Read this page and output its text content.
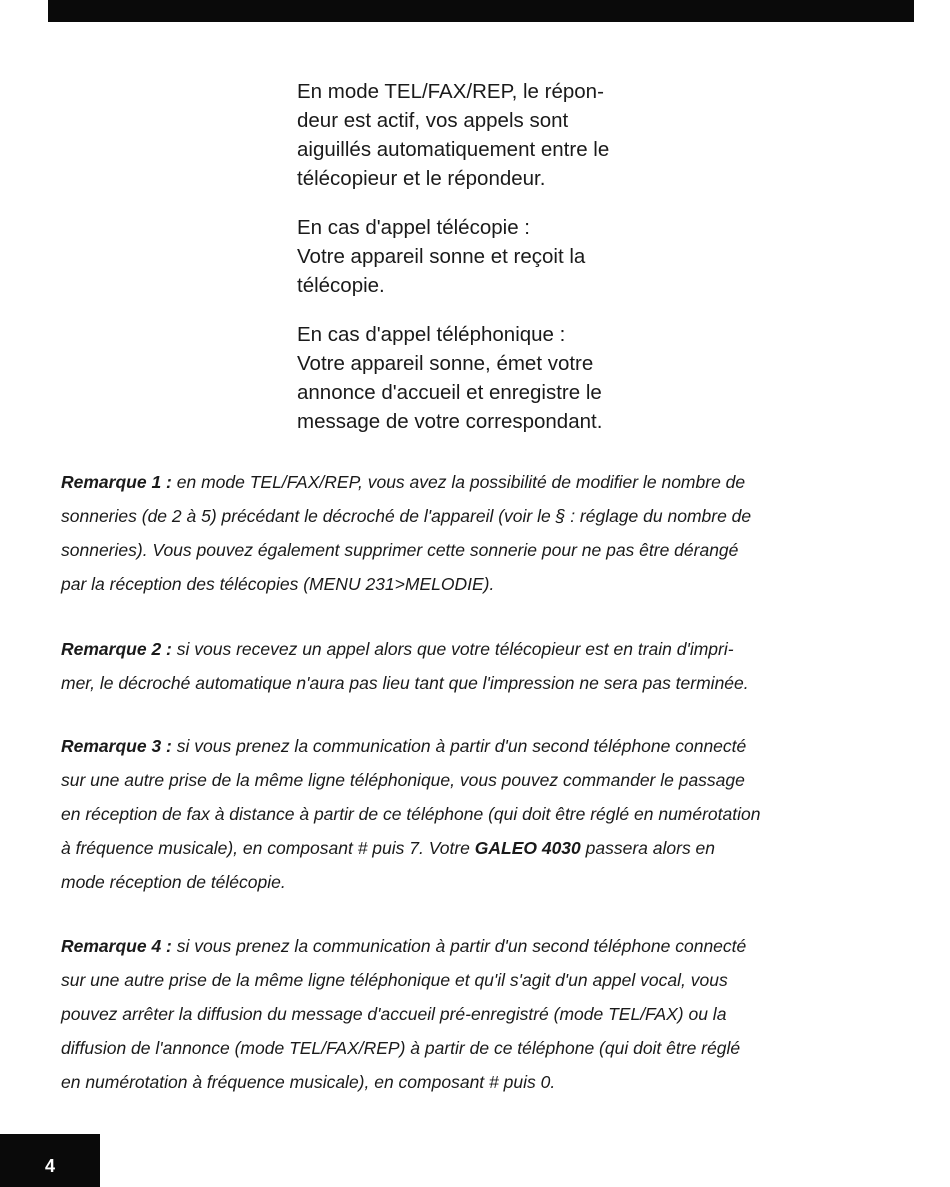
En mode TEL/FAX/REP, le répon-
deur est actif, vos appels sont
aiguillés automatiquement entre le
télécopieur et le répondeur.

En cas d'appel télécopie :
Votre appareil sonne et reçoit la
télécopie.

En cas d'appel téléphonique :
Votre appareil sonne, émet votre
annonce d'accueil et enregistre le
message de votre correspondant.

Remarque 1 : en mode TEL/FAX/REP, vous avez la possibilité de modifier le nombre de
sonneries (de 2 à 5) précédant le décroché de l'appareil (voir le § : réglage du nombre de
sonneries). Vous pouvez également supprimer cette sonnerie pour ne pas être dérangé
par la réception des télécopies (MENU 231>MELODIE).
Remarque 2 : si vous recevez un appel alors que votre télécopieur est en train d'impri-
mer, le décroché automatique n'aura pas lieu tant que l'impression ne sera pas terminée.
Remarque 3 : si vous prenez la communication à partir d'un second téléphone connecté
sur une autre prise de la même ligne téléphonique, vous pouvez commander le passage
en réception de fax à distance à partir de ce téléphone (qui doit être réglé en numérotation
à fréquence musicale), en composant # puis 7. Votre GALEO 4030 passera alors en
mode réception de télécopie.
Remarque 4 : si vous prenez la communication à partir d'un second téléphone connecté
sur une autre prise de la même ligne téléphonique et qu'il s'agit d'un appel vocal, vous
pouvez arrêter la diffusion du message d'accueil pré-enregistré (mode TEL/FAX) ou la
diffusion de l'annonce (mode TEL/FAX/REP) à partir de ce téléphone (qui doit être réglé
en numérotation à fréquence musicale), en composant # puis 0.
4
